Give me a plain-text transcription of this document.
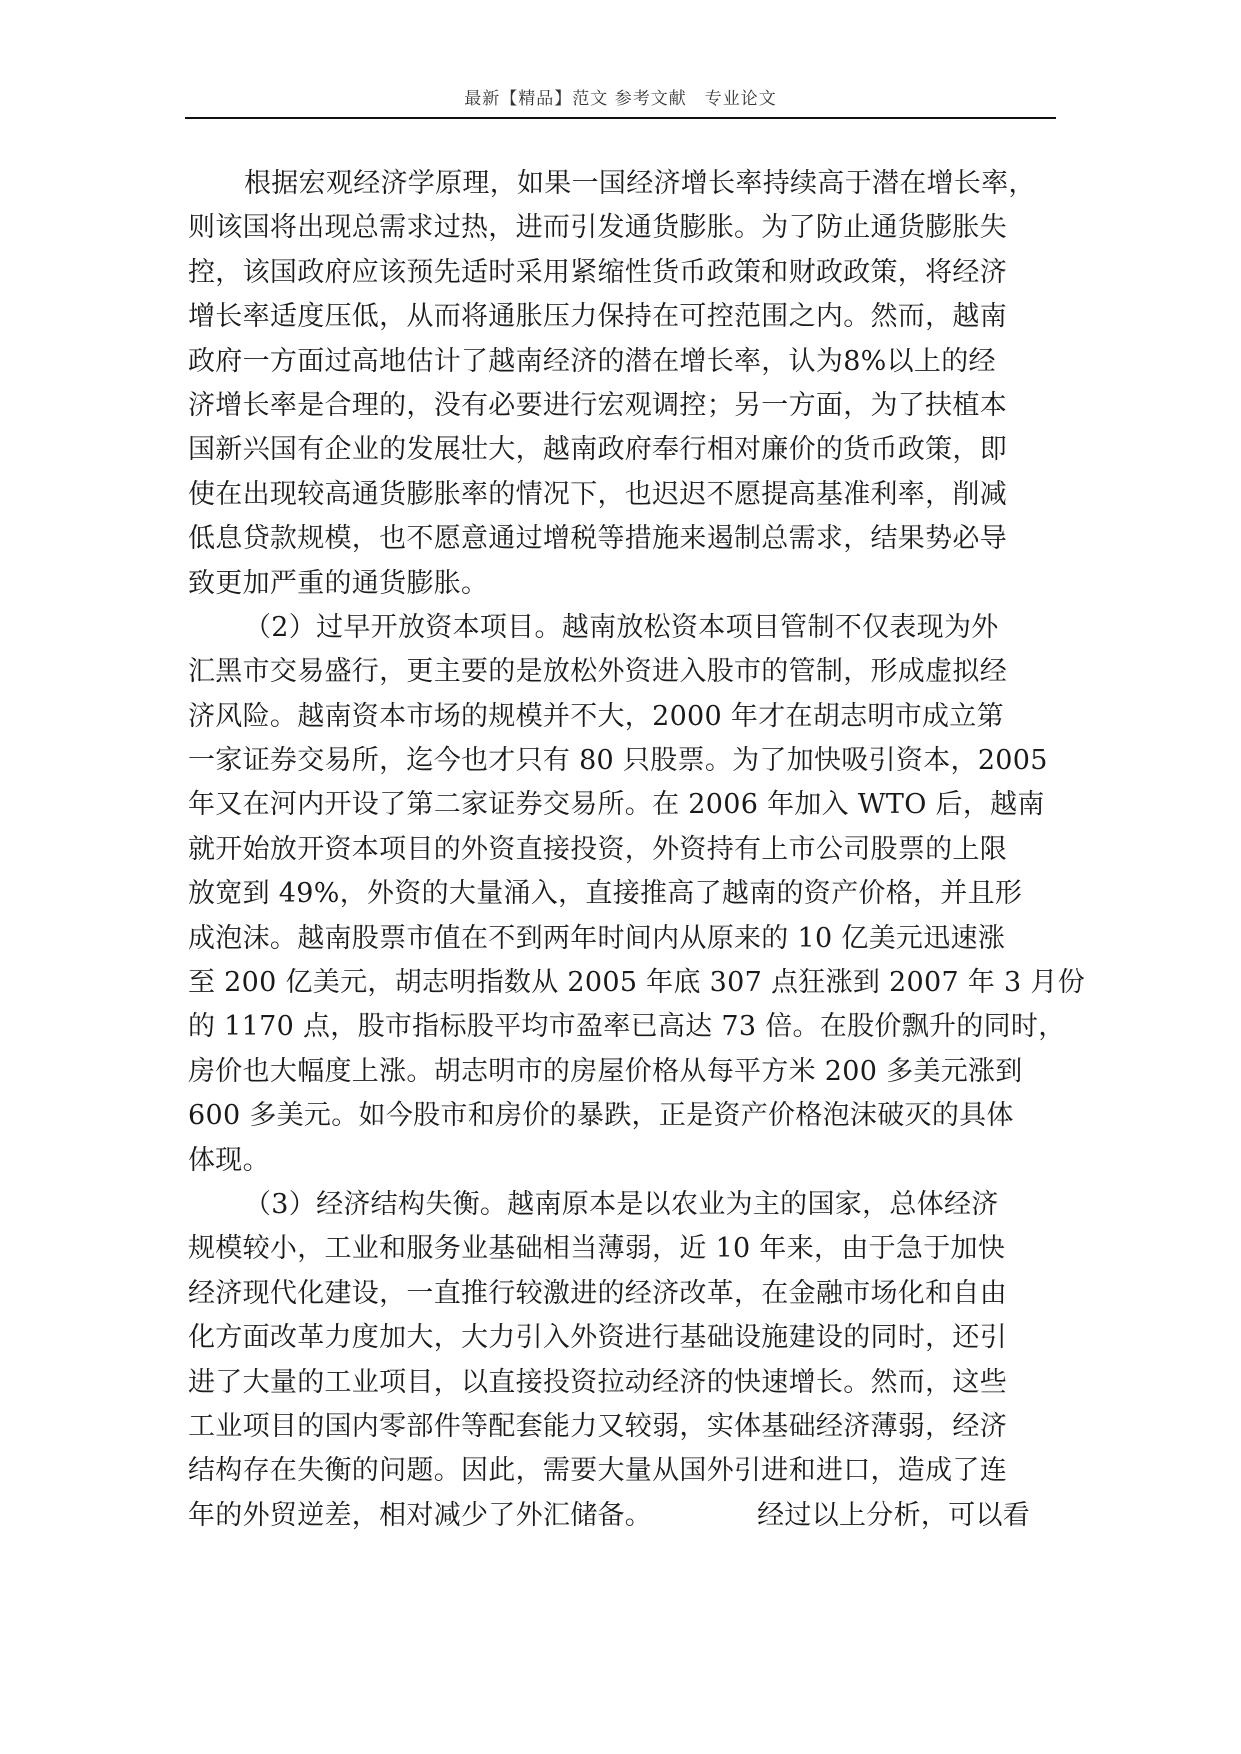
最新【精品】范文 参考文献　专业论文
根据宏观经济学原理，如果一国经济增长率持续高于潜在增长率，
则该国将出现总需求过热，进而引发通货膨胀。为了防止通货膨胀失
控，该国政府应该预先适时采用紧缩性货币政策和财政政策，将经济
增长率适度压低，从而将通胀压力保持在可控范围之内。然而，越南
政府一方面过高地估计了越南经济的潜在增长率，认为8%以上的经
济增长率是合理的，没有必要进行宏观调控；另一方面，为了扶植本
国新兴国有企业的发展壮大，越南政府奉行相对廉价的货币政策，即
使在出现较高通货膨胀率的情况下，也迟迟不愿提高基准利率，削减
低息贷款规模，也不愿意通过增税等措施来遏制总需求，结果势必导
致更加严重的通货膨胀。
（2）过早开放资本项目。越南放松资本项目管制不仅表现为外
汇黑市交易盛行，更主要的是放松外资进入股市的管制，形成虚拟经
济风险。越南资本市场的规模并不大，2000 年才在胡志明市成立第
一家证券交易所，迄今也才只有 80 只股票。为了加快吸引资本，2005
年又在河内开设了第二家证券交易所。在 2006 年加入 WTO 后，越南
就开始放开资本项目的外资直接投资，外资持有上市公司股票的上限
放宽到 49%，外资的大量涌入，直接推高了越南的资产价格，并且形
成泡沫。越南股票市值在不到两年时间内从原来的 10 亿美元迅速涨
至 200 亿美元，胡志明指数从 2005 年底 307 点狂涨到 2007 年 3 月份
的 1170 点，股市指标股平均市盈率已高达 73 倍。在股价飘升的同时，
房价也大幅度上涨。胡志明市的房屋价格从每平方米 200 多美元涨到
600 多美元。如今股市和房价的暴跌，正是资产价格泡沫破灭的具体
体现。
（3）经济结构失衡。越南原本是以农业为主的国家，总体经济
规模较小，工业和服务业基础相当薄弱，近 10 年来，由于急于加快
经济现代化建设，一直推行较激进的经济改革，在金融市场化和自由
化方面改革力度加大，大力引入外资进行基础设施建设的同时，还引
进了大量的工业项目，以直接投资拉动经济的快速增长。然而，这些
工业项目的国内零部件等配套能力又较弱，实体基础经济薄弱，经济
结构存在失衡的问题。因此，需要大量从国外引进和进口，造成了连
年的外贸逆差，相对减少了外汇储备。	经过以上分析，可以看
